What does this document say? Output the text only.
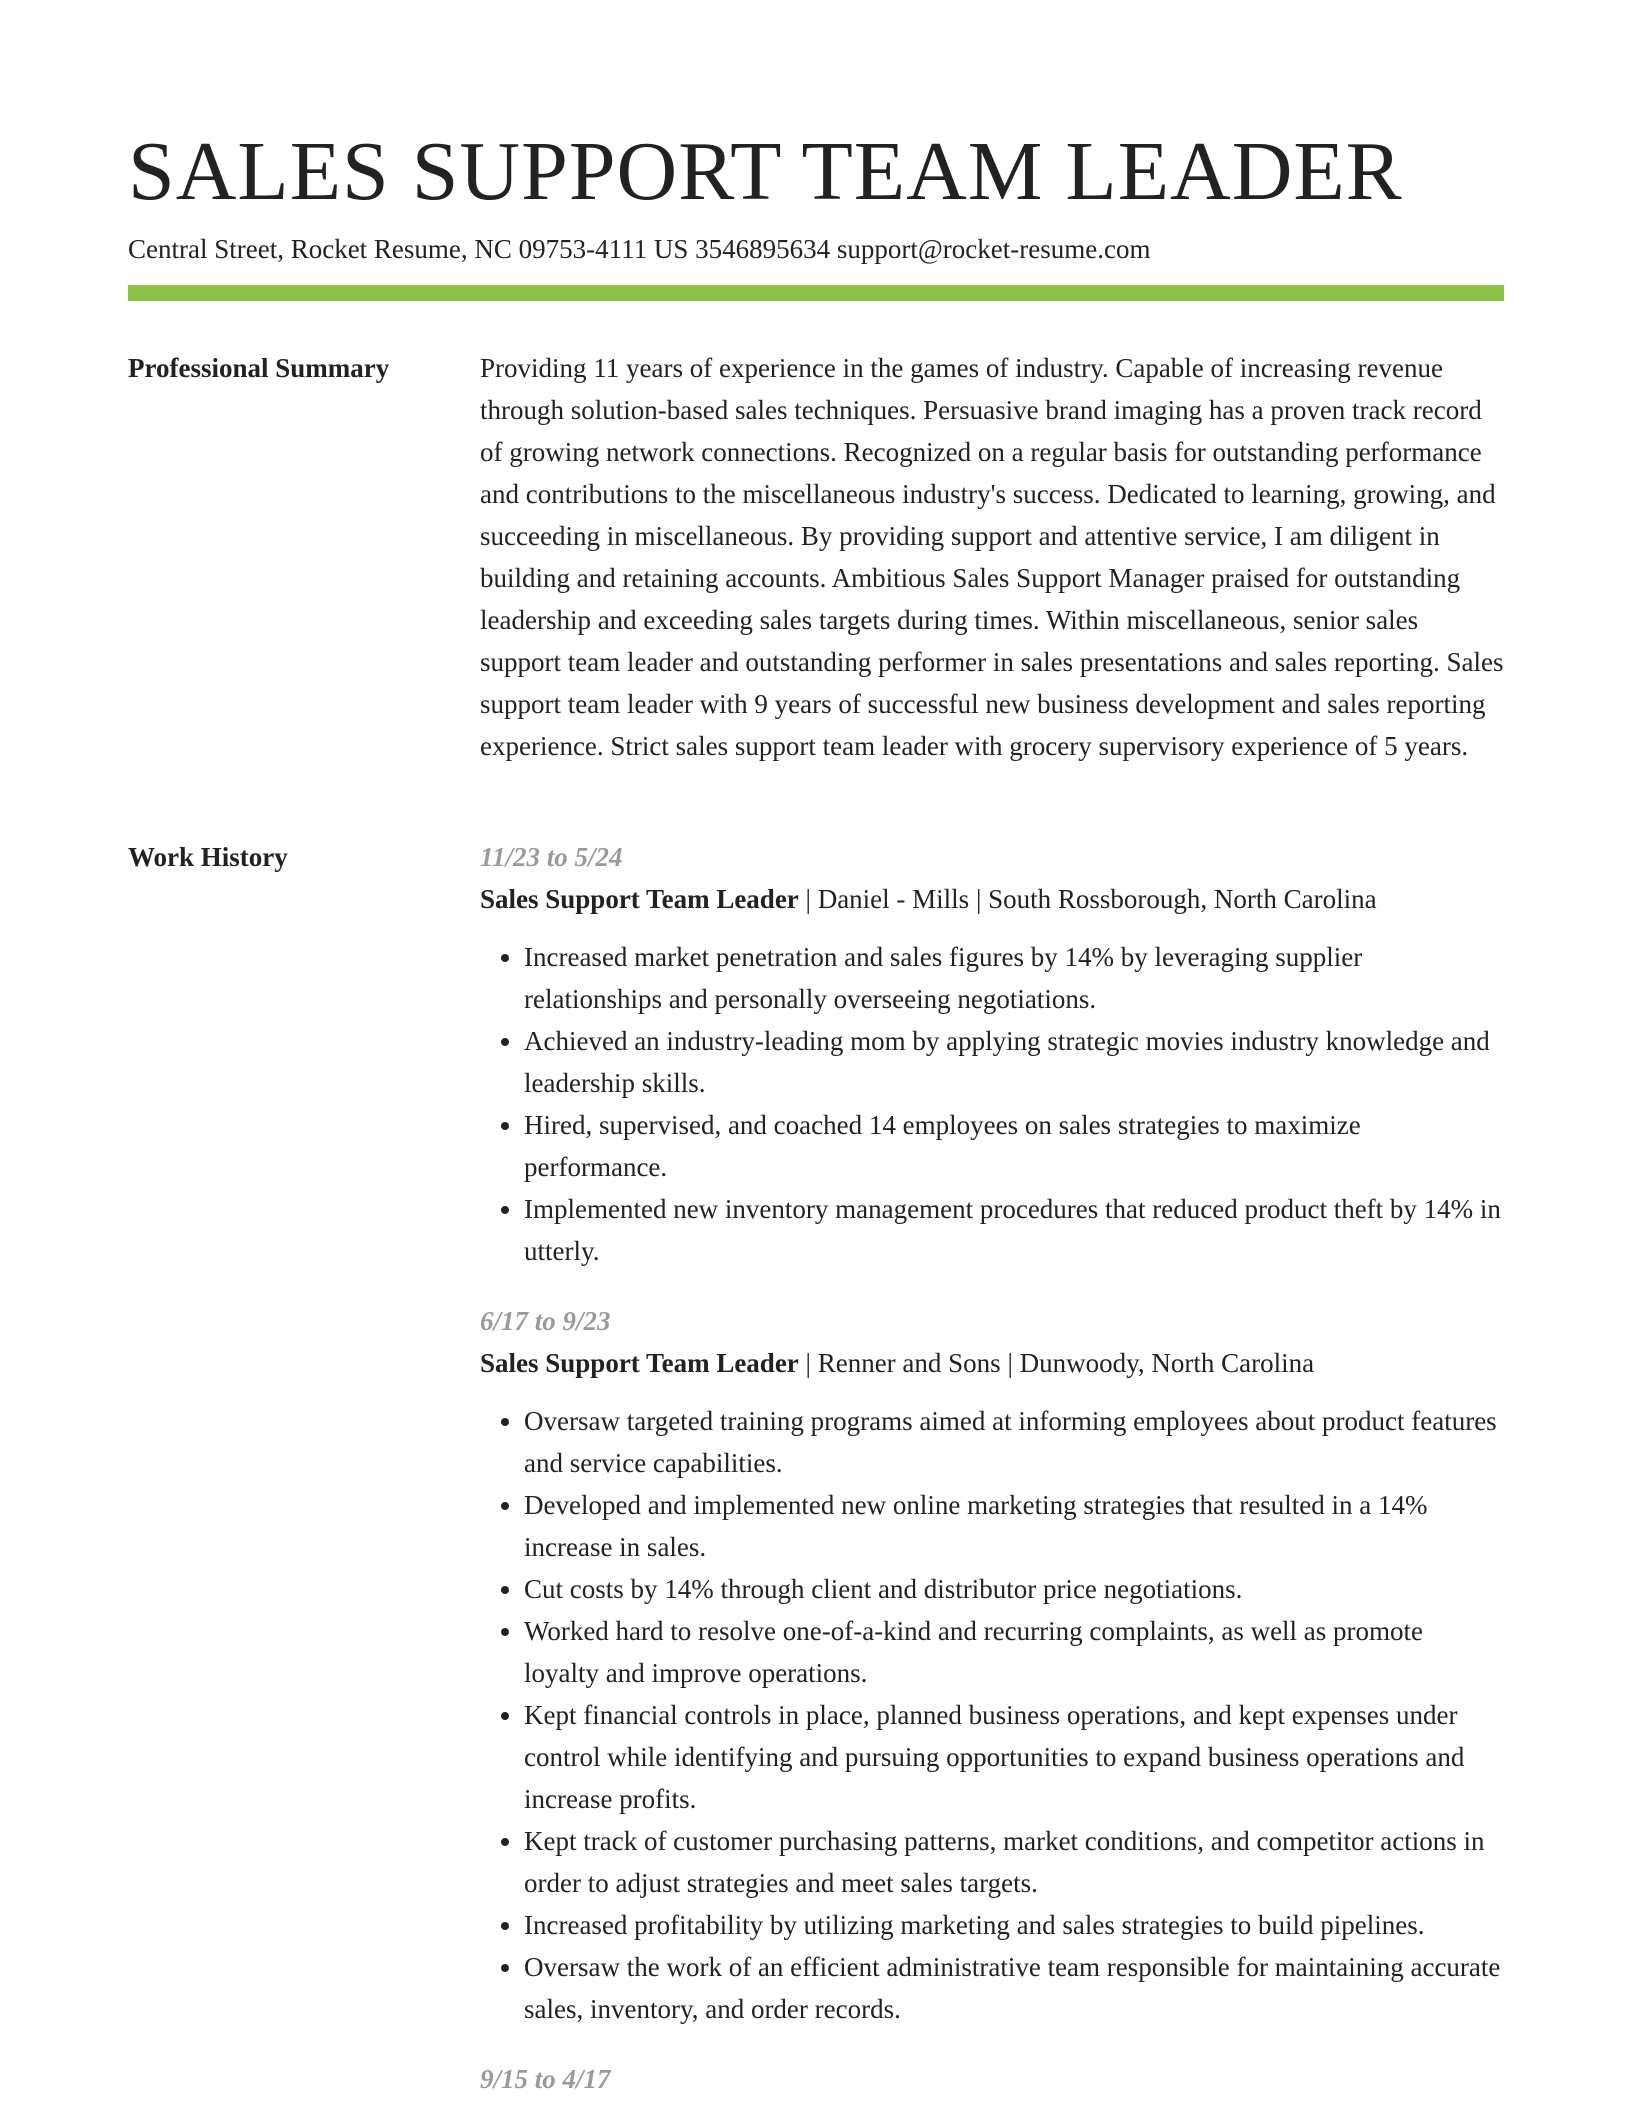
SALES SUPPORT TEAM LEADER
Central Street, Rocket Resume, NC 09753-4111 US 3546895634 support@rocket-resume.com
Professional Summary	Providing 11 years of experience in the games of industry. Capable of increasing revenue through solution-based sales techniques. Persuasive brand imaging has a proven track record of growing network connections. Recognized on a regular basis for outstanding performance and contributions to the miscellaneous industry's success. Dedicated to learning, growing, and succeeding in miscellaneous. By providing support and attentive service, I am diligent in building and retaining accounts. Ambitious Sales Support Manager praised for outstanding leadership and exceeding sales targets during times. Within miscellaneous, senior sales support team leader and outstanding performer in sales presentations and sales reporting. Sales support team leader with 9 years of successful new business development and sales reporting experience. Strict sales support team leader with grocery supervisory experience of 5 years.

Work History	11/23 to 5/24
Sales Support Team Leader | Daniel - Mills | South Rossborough, North Carolina
• Increased market penetration and sales figures by 14% by leveraging supplier relationships and personally overseeing negotiations.
• Achieved an industry-leading mom by applying strategic movies industry knowledge and leadership skills.
• Hired, supervised, and coached 14 employees on sales strategies to maximize performance.
• Implemented new inventory management procedures that reduced product theft by 14% in utterly.
6/17 to 9/23
Sales Support Team Leader | Renner and Sons | Dunwoody, North Carolina
• Oversaw targeted training programs aimed at informing employees about product features and service capabilities.
• Developed and implemented new online marketing strategies that resulted in a 14% increase in sales.
• Cut costs by 14% through client and distributor price negotiations.
• Worked hard to resolve one-of-a-kind and recurring complaints, as well as promote loyalty and improve operations.
• Kept financial controls in place, planned business operations, and kept expenses under control while identifying and pursuing opportunities to expand business operations and increase profits.
• Kept track of customer purchasing patterns, market conditions, and competitor actions in order to adjust strategies and meet sales targets.
• Increased profitability by utilizing marketing and sales strategies to build pipelines.
• Oversaw the work of an efficient administrative team responsible for maintaining accurate sales, inventory, and order records.
9/15 to 4/17
